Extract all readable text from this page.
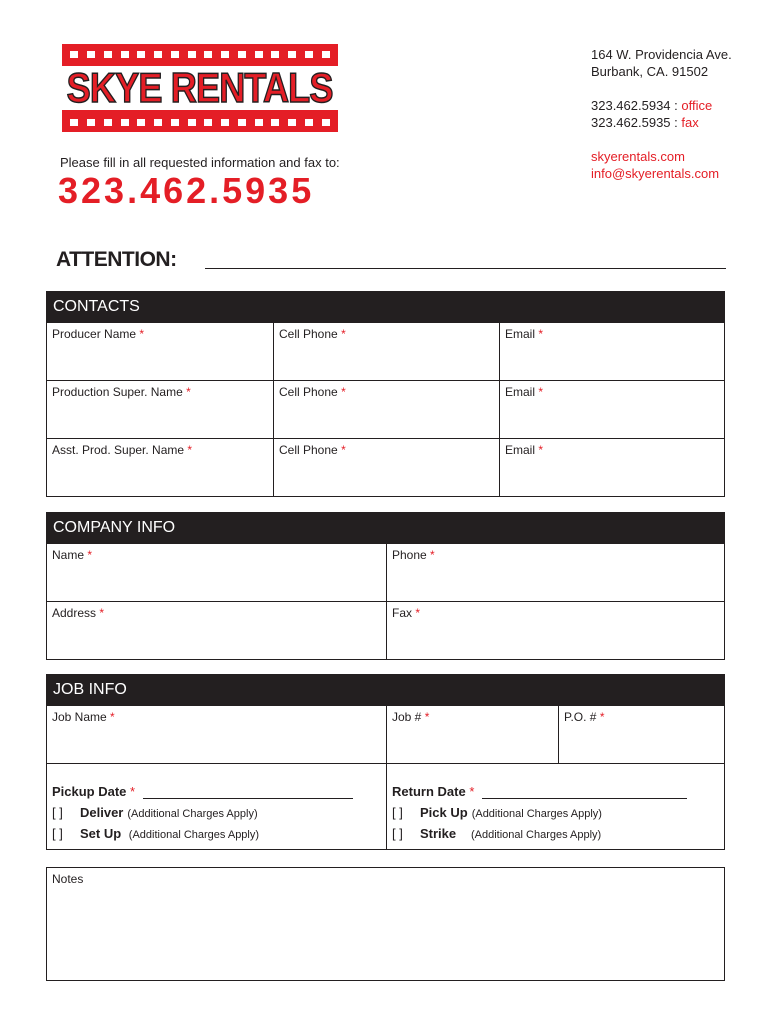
SKYE RENTALS
164 W. Providencia Ave.
Burbank, CA. 91502
323.462.5934 : office
323.462.5935 : fax
skyerentals.com
info@skyerentals.com
Please fill in all requested information and fax to:
323.462.5935
ATTENTION:
CONTACTS
Producer Name *	Cell Phone *	Email *
Production Super. Name *	Cell Phone *	Email *
Asst. Prod. Super. Name *	Cell Phone *	Email *
COMPANY INFO
Name *	Phone *
Address *	Fax *
JOB INFO
Job Name *	Job # *	P.O. # *
Pickup Date
*
[ ]	Deliver (Additional Charges Apply)
[ ]	Set Up
(Additional Charges Apply)
Return Date
*
[ ]	Pick Up (Additional Charges Apply)
[ ]	Strike
(Additional Charges Apply)
Notes
